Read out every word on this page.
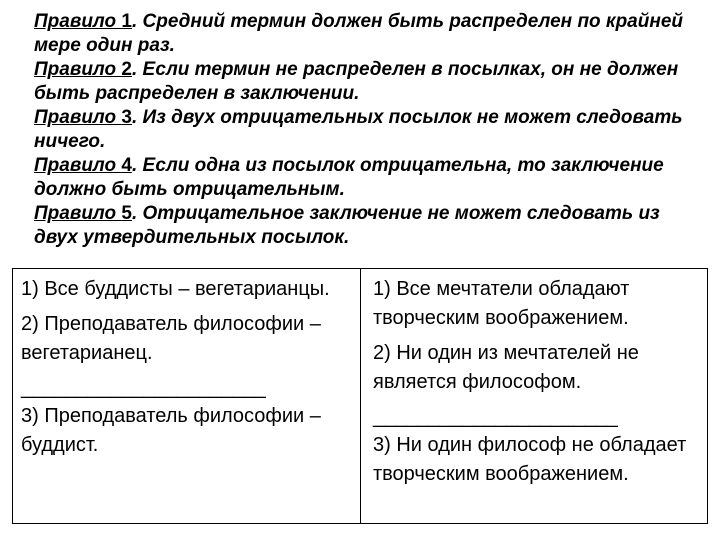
Правило 1. Средний термин должен быть распределен по крайней мере один раз.

Правило 2. Если термин не распределен в посылках, он не должен быть распределен в заключении.

Правило 3. Из двух отрицательных посылок не может следовать ничего.

Правило 4. Если одна из посылок отрицательна, то заключение должно быть отрицательным.

Правило 5. Отрицательное заключение не может следовать из двух утвердительных посылок.

1) Все буддисты – вегетарианцы.

2) Преподаватель философии – вегетарианец.

______________________

3) Преподаватель философии – буддист.

1) Все мечтатели обладают творческим воображением.

2) Ни один из мечтателей не является философом.

______________________

3) Ни один философ не обладает творческим воображением.
